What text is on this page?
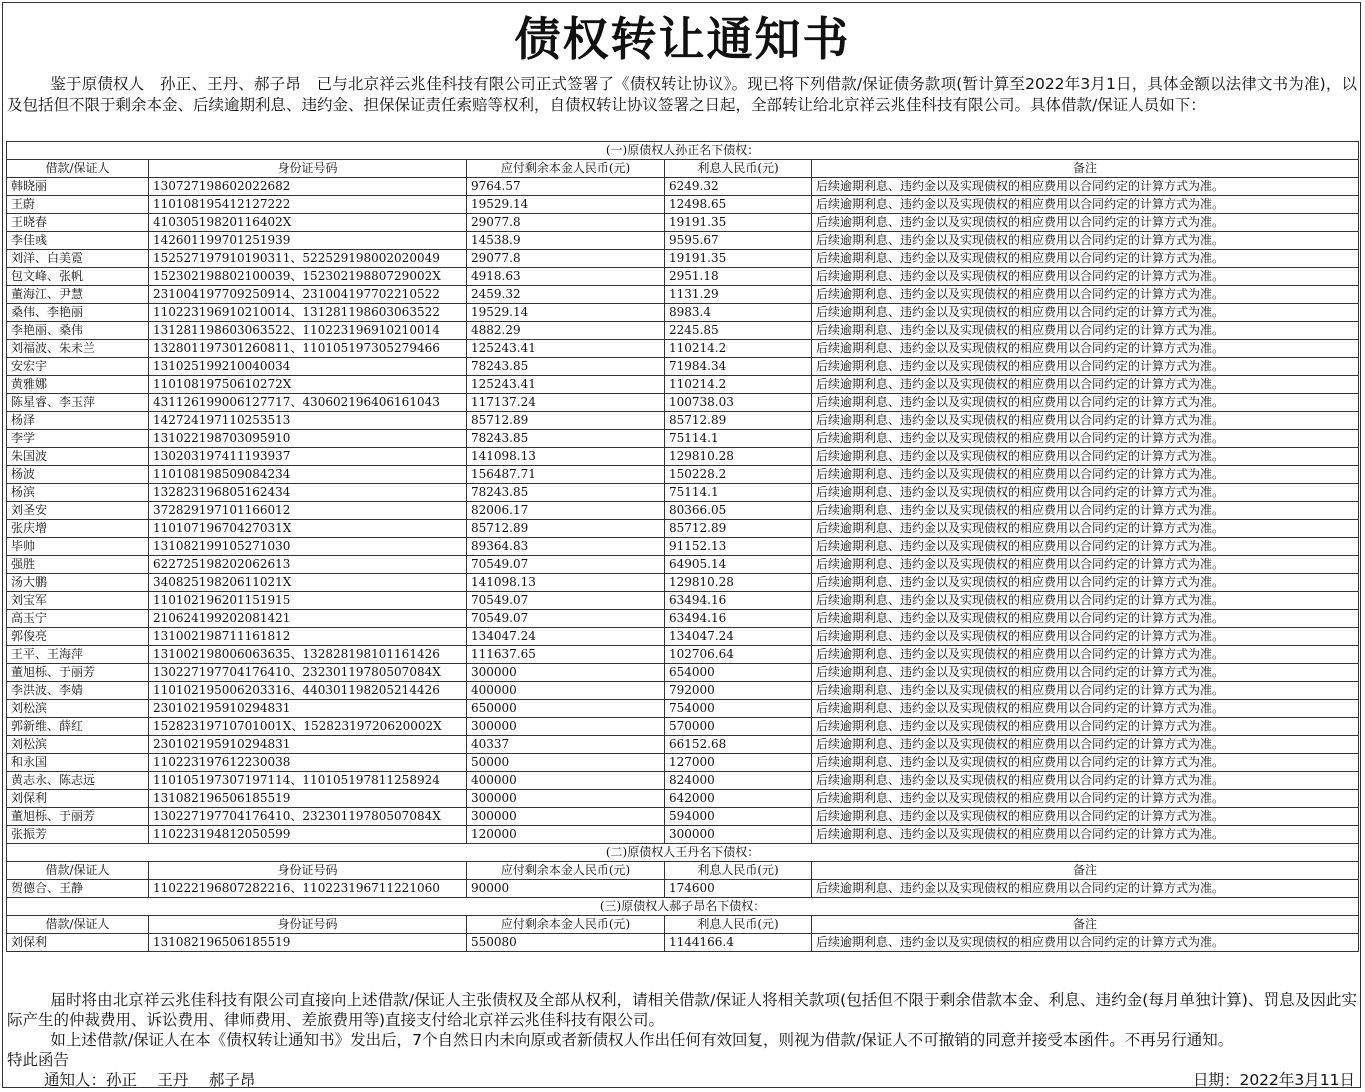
债权转让通知书

鉴于原债权人　孙正、王丹、郝子昂　已与北京祥云兆佳科技有限公司正式签署了《债权转让协议》。现已将下列借款/保证债务款项(暂计算至2022年3月1日，具体金额以法律文书为准)，以及包括但不限于剩余本金、后续逾期利息、违约金、担保保证责任索赔等权利，自债权转让协议签署之日起，全部转让给北京祥云兆佳科技有限公司。具体借款/保证人员如下：

(一)原债权人孙正名下债权：				
借款/保证人	身份证号码	应付剩余本金人民币(元)	利息人民币(元)	备注
韩晓丽	130727198602022682	9764.57	6249.32	后续逾期利息、违约金以及实现债权的相应费用以合同约定的计算方式为准。
王蔚	110108195412127222	19529.14	12498.65	后续逾期利息、违约金以及实现债权的相应费用以合同约定的计算方式为准。
王晓春	41030519820116402X	29077.8	19191.35	后续逾期利息、违约金以及实现债权的相应费用以合同约定的计算方式为准。
李佳彧	142601199701251939	14538.9	9595.67	后续逾期利息、违约金以及实现债权的相应费用以合同约定的计算方式为准。
刘洋、白美霓	152527197910190311、522529198002020049	29077.8	19191.35	后续逾期利息、违约金以及实现债权的相应费用以合同约定的计算方式为准。
包文峰、张帆	152302198802100039、15230219880729002X	4918.63	2951.18	后续逾期利息、违约金以及实现债权的相应费用以合同约定的计算方式为准。
董海江、尹慧	231004197709250914、231004197702210522	2459.32	1131.29	后续逾期利息、违约金以及实现债权的相应费用以合同约定的计算方式为准。
桑伟、李艳丽	110223196910210014、131281198603063522	19529.14	8983.4	后续逾期利息、违约金以及实现债权的相应费用以合同约定的计算方式为准。
李艳丽、桑伟	131281198603063522、110223196910210014	4882.29	2245.85	后续逾期利息、违约金以及实现债权的相应费用以合同约定的计算方式为准。
刘福波、朱未兰	132801197301260811、110105197305279466	125243.41	110214.2	后续逾期利息、违约金以及实现债权的相应费用以合同约定的计算方式为准。
安宏宇	131025199210040034	78243.85	71984.34	后续逾期利息、违约金以及实现债权的相应费用以合同约定的计算方式为准。
黄雅娜	11010819750610272X	125243.41	110214.2	后续逾期利息、违约金以及实现债权的相应费用以合同约定的计算方式为准。
陈星睿、李玉萍	431126199006127717、430602196406161043	117137.24	100738.03	后续逾期利息、违约金以及实现债权的相应费用以合同约定的计算方式为准。
杨泽	142724197110253513	85712.89	85712.89	后续逾期利息、违约金以及实现债权的相应费用以合同约定的计算方式为准。
李学	131022198703095910	78243.85	75114.1	后续逾期利息、违约金以及实现债权的相应费用以合同约定的计算方式为准。
朱国波	130203197411193937	141098.13	129810.28	后续逾期利息、违约金以及实现债权的相应费用以合同约定的计算方式为准。
杨波	110108198509084234	156487.71	150228.2	后续逾期利息、违约金以及实现债权的相应费用以合同约定的计算方式为准。
杨滨	132823196805162434	78243.85	75114.1	后续逾期利息、违约金以及实现债权的相应费用以合同约定的计算方式为准。
刘圣安	372829197101166012	82006.17	80366.05	后续逾期利息、违约金以及实现债权的相应费用以合同约定的计算方式为准。
张庆增	11010719670427031X	85712.89	85712.89	后续逾期利息、违约金以及实现债权的相应费用以合同约定的计算方式为准。
毕帅	131082199105271030	89364.83	91152.13	后续逾期利息、违约金以及实现债权的相应费用以合同约定的计算方式为准。
强胜	622725198202062613	70549.07	64905.14	后续逾期利息、违约金以及实现债权的相应费用以合同约定的计算方式为准。
汤大鹏	34082519820611021X	141098.13	129810.28	后续逾期利息、违约金以及实现债权的相应费用以合同约定的计算方式为准。
刘宝军	110102196201151915	70549.07	63494.16	后续逾期利息、违约金以及实现债权的相应费用以合同约定的计算方式为准。
高玉宁	210624199202081421	70549.07	63494.16	后续逾期利息、违约金以及实现债权的相应费用以合同约定的计算方式为准。
郭俊亮	131002198711161812	134047.24	134047.24	后续逾期利息、违约金以及实现债权的相应费用以合同约定的计算方式为准。
王平、王海萍	131002198006063635、132828198101161426	111637.65	102706.64	后续逾期利息、违约金以及实现债权的相应费用以合同约定的计算方式为准。
董旭栎、于丽芳	130227197704176410、23230119780507084X	300000	654000	后续逾期利息、违约金以及实现债权的相应费用以合同约定的计算方式为准。
李洪波、李婧	110102195006203316、440301198205214426	400000	792000	后续逾期利息、违约金以及实现债权的相应费用以合同约定的计算方式为准。
刘松滨	230102195910294831	650000	754000	后续逾期利息、违约金以及实现债权的相应费用以合同约定的计算方式为准。
郭新维、薛红	15282319710701001X、15282319720620002X	300000	570000	后续逾期利息、违约金以及实现债权的相应费用以合同约定的计算方式为准。
刘松滨	230102195910294831	40337	66152.68	后续逾期利息、违约金以及实现债权的相应费用以合同约定的计算方式为准。
和永国	110223197612230038	50000	127000	后续逾期利息、违约金以及实现债权的相应费用以合同约定的计算方式为准。
黄志永、陈志远	110105197307197114、110105197811258924	400000	824000	后续逾期利息、违约金以及实现债权的相应费用以合同约定的计算方式为准。
刘保利	131082196506185519	300000	642000	后续逾期利息、违约金以及实现债权的相应费用以合同约定的计算方式为准。
董旭栎、于丽芳	130227197704176410、23230119780507084X	300000	594000	后续逾期利息、违约金以及实现债权的相应费用以合同约定的计算方式为准。
张振芳	110223194812050599	120000	300000	后续逾期利息、违约金以及实现债权的相应费用以合同约定的计算方式为准。
(二)原债权人王丹名下债权：				
借款/保证人	身份证号码	应付剩余本金人民币(元)	利息人民币(元)	备注
贺德合、王静	110222196807282216、110223196711221060	90000	174600	后续逾期利息、违约金以及实现债权的相应费用以合同约定的计算方式为准。
(三)原债权人郝子昂名下债权：				
借款/保证人	身份证号码	应付剩余本金人民币(元)	利息人民币(元)	备注
刘保利	131082196506185519	550080	1144166.4	后续逾期利息、违约金以及实现债权的相应费用以合同约定的计算方式为准。

届时将由北京祥云兆佳科技有限公司直接向上述借款/保证人主张债权及全部从权利，请相关借款/保证人将相关款项(包括但不限于剩余借款本金、利息、违约金(每月单独计算)、罚息及因此实际产生的仲裁费用、诉讼费用、律师费用、差旅费用等)直接支付给北京祥云兆佳科技有限公司。

如上述借款/保证人在本《债权转让通知书》发出后，7个自然日内未向原或者新债权人作出任何有效回复，则视为借款/保证人不可撤销的同意并接受本函件。不再另行通知。

特此函告

通知人：孙正　 王丹　 郝子昂	日期：2022年3月11日
